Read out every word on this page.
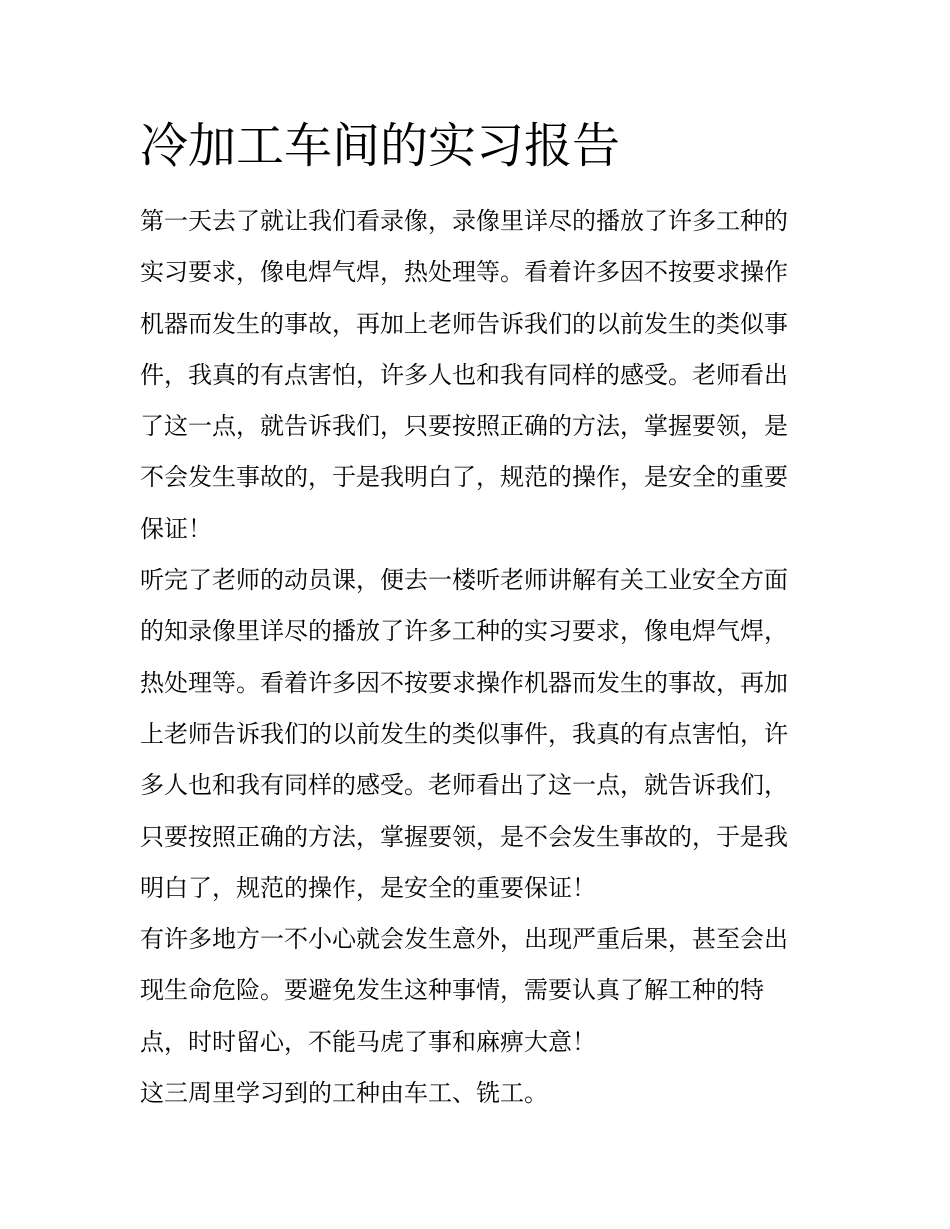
冷加工车间的实习报告

第一天去了就让我们看录像，录像里详尽的播放了许多工种的
实习要求，像电焊气焊，热处理等。看着许多因不按要求操作
机器而发生的事故，再加上老师告诉我们的以前发生的类似事
件，我真的有点害怕，许多人也和我有同样的感受。老师看出
了这一点，就告诉我们，只要按照正确的方法，掌握要领，是
不会发生事故的，于是我明白了，规范的操作，是安全的重要
保证！

听完了老师的动员课，便去一楼听老师讲解有关工业安全方面
的知录像里详尽的播放了许多工种的实习要求，像电焊气焊，
热处理等。看着许多因不按要求操作机器而发生的事故，再加
上老师告诉我们的以前发生的类似事件，我真的有点害怕，许
多人也和我有同样的感受。老师看出了这一点，就告诉我们，
只要按照正确的方法，掌握要领，是不会发生事故的，于是我
明白了，规范的操作，是安全的重要保证！

有许多地方一不小心就会发生意外，出现严重后果，甚至会出
现生命危险。要避免发生这种事情，需要认真了解工种的特
点，时时留心，不能马虎了事和麻痹大意！

这三周里学习到的工种由车工、铣工。
